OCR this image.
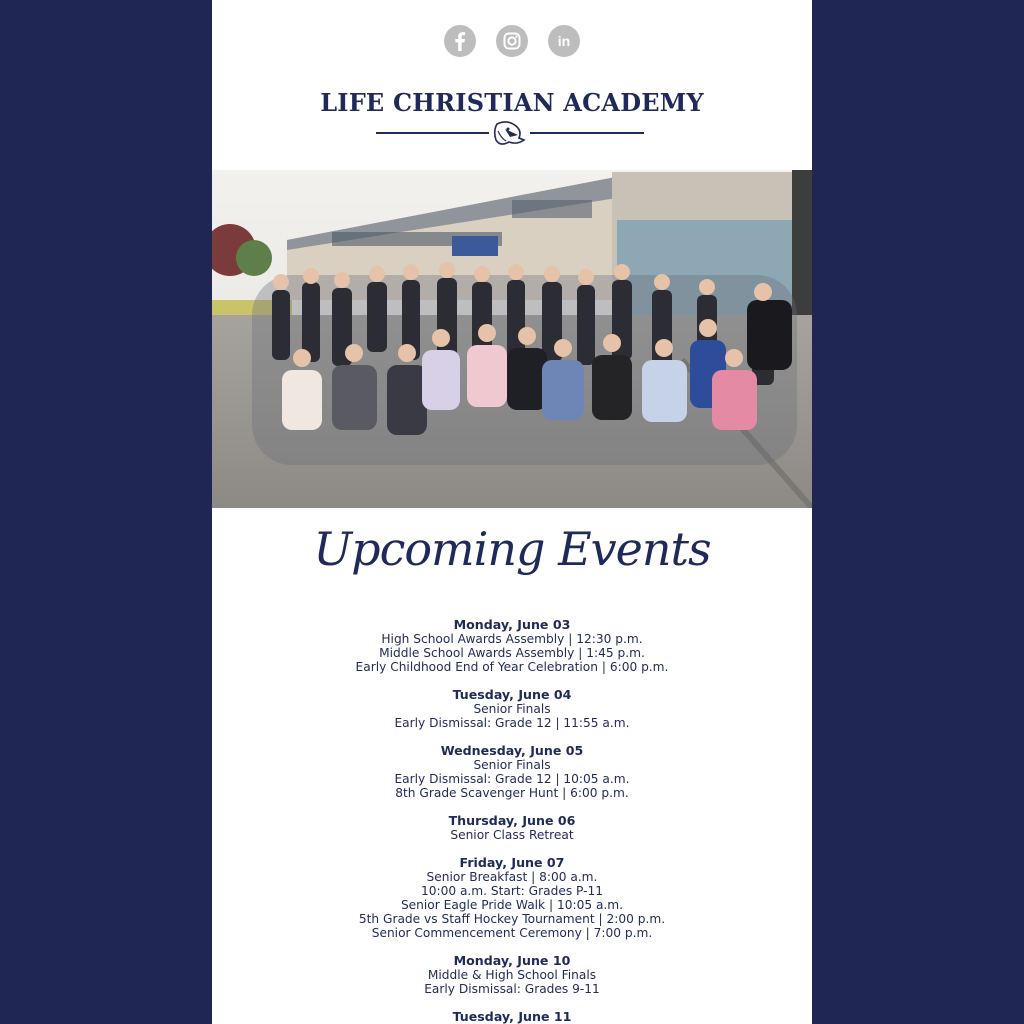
in
LIFE CHRISTIAN ACADEMY
Upcoming Events
Monday, June 03
High School Awards Assembly | 12:30 p.m.
Middle School Awards Assembly | 1:45 p.m.
Early Childhood End of Year Celebration | 6:00 p.m.
Tuesday, June 04
Senior Finals
Early Dismissal: Grade 12 | 11:55 a.m.
Wednesday, June 05
Senior Finals
Early Dismissal: Grade 12 | 10:05 a.m.
8th Grade Scavenger Hunt | 6:00 p.m.
Thursday, June 06
Senior Class Retreat
Friday, June 07
Senior Breakfast | 8:00 a.m.
10:00 a.m. Start: Grades P-11
Senior Eagle Pride Walk | 10:05 a.m.
5th Grade vs Staff Hockey Tournament | 2:00 p.m.
Senior Commencement Ceremony | 7:00 p.m.
Monday, June 10
Middle & High School Finals
Early Dismissal: Grades 9-11
Tuesday, June 11
